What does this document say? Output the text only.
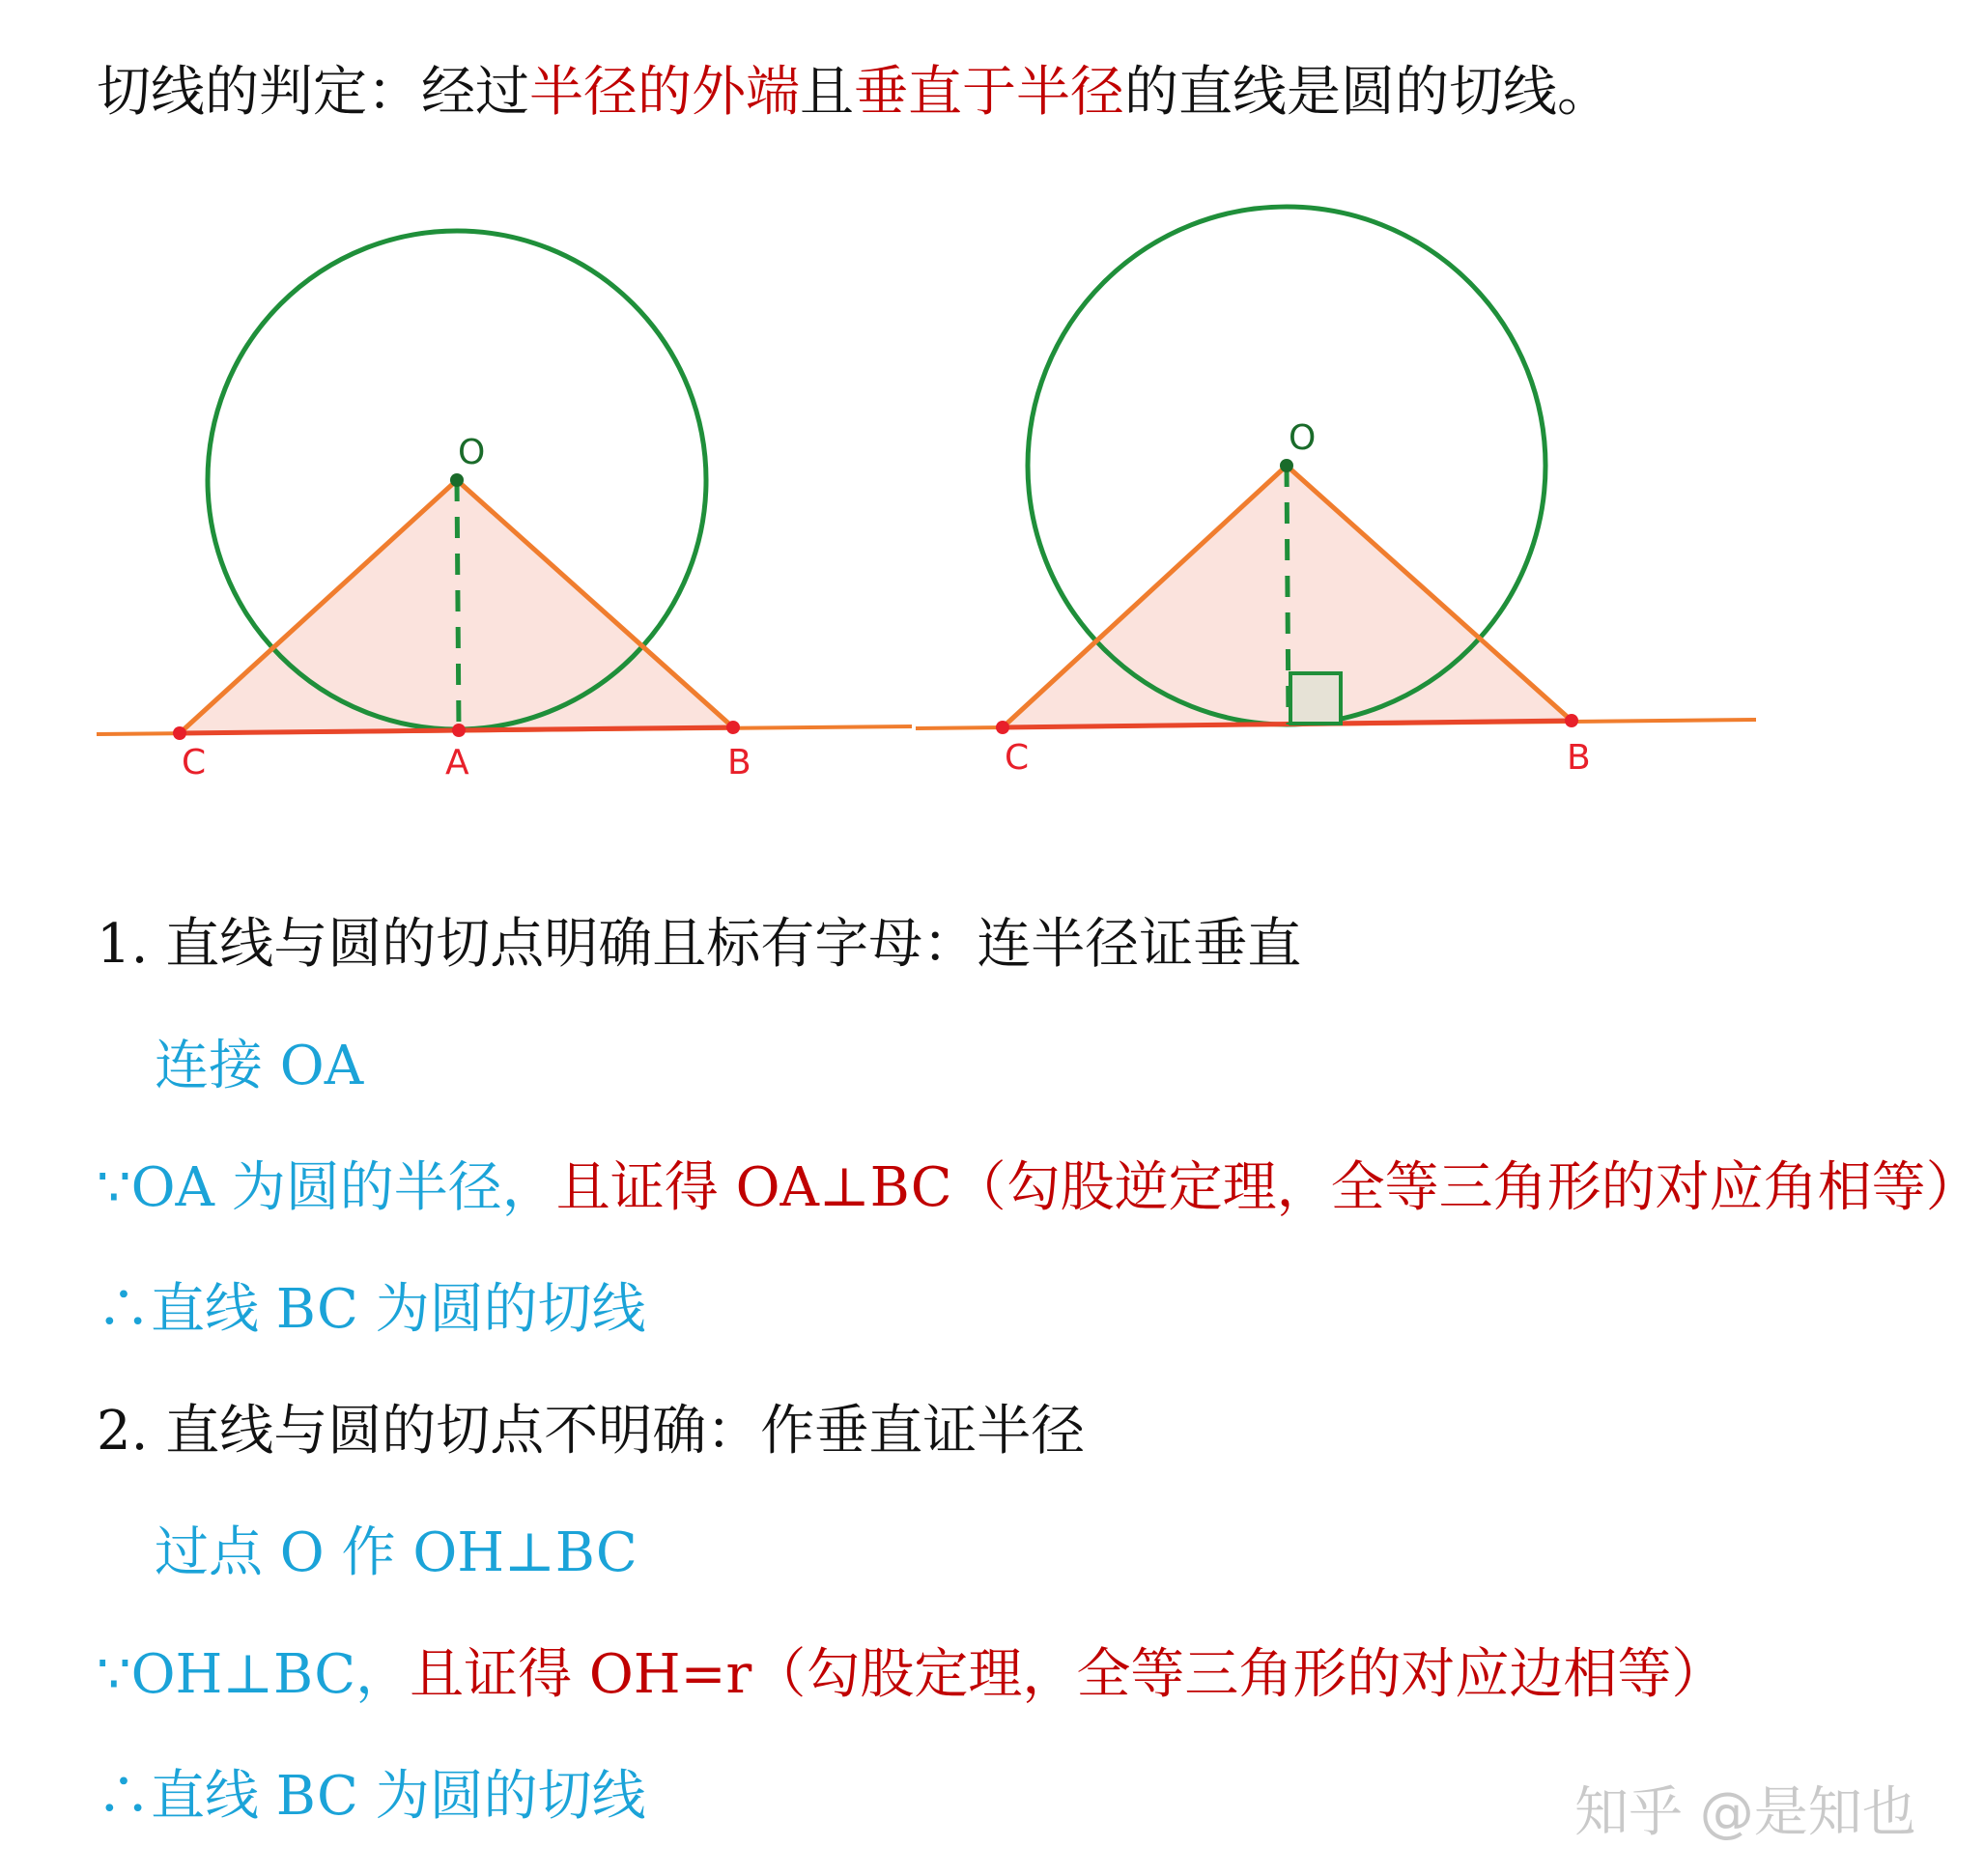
切线的判定：经过半径的外端且垂直于半径的直线是圆的切线。
O
C	A	B
O
C	B
1. 直线与圆的切点明确且标有字母：连半径证垂直
连接 OA
∵OA 为圆的半径，且证得 OA⊥BC（勾股逆定理，全等三角形的对应角相等）
∴直线 BC 为圆的切线
2. 直线与圆的切点不明确：作垂直证半径
过点 O 作 OH⊥BC
∵OH⊥BC，且证得 OH=r（勾股定理，全等三角形的对应边相等）
∴直线 BC 为圆的切线	知乎 @是知也
